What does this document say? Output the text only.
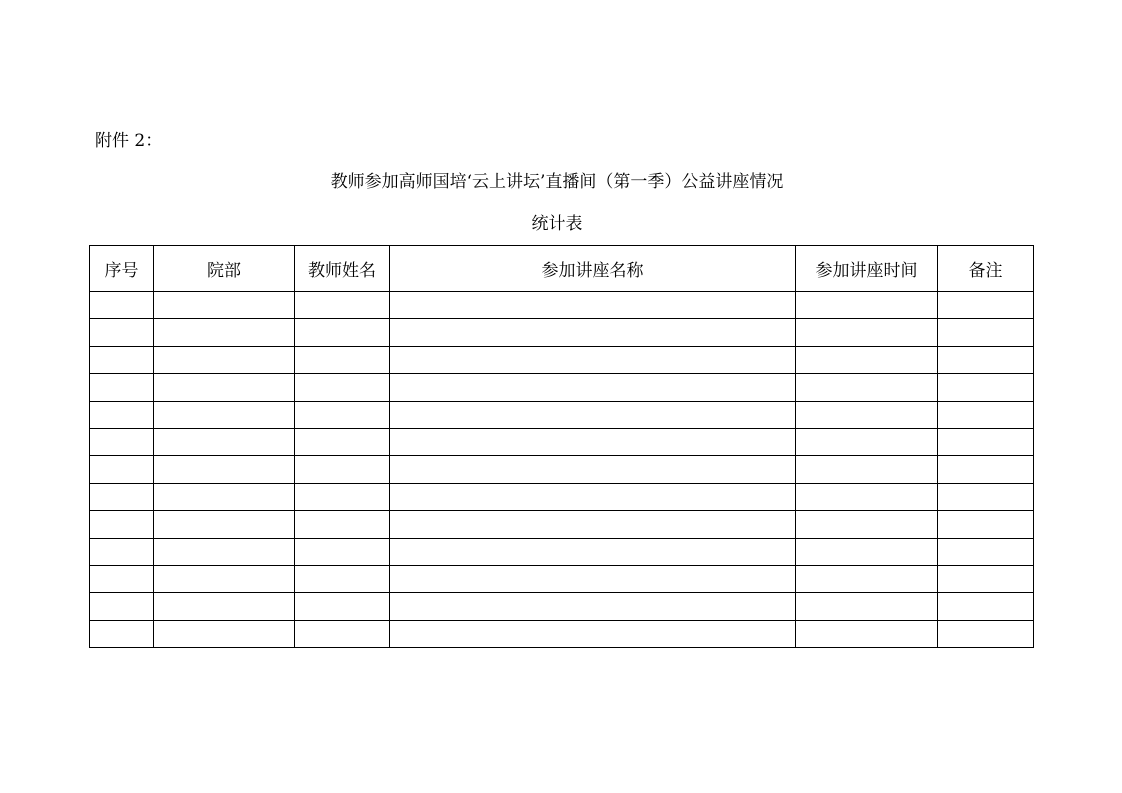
附件 2：
教师参加高师国培‘云上讲坛’直播间（第一季）公益讲座情况
统计表
序号	院部	教师姓名	参加讲座名称	参加讲座时间	备注
